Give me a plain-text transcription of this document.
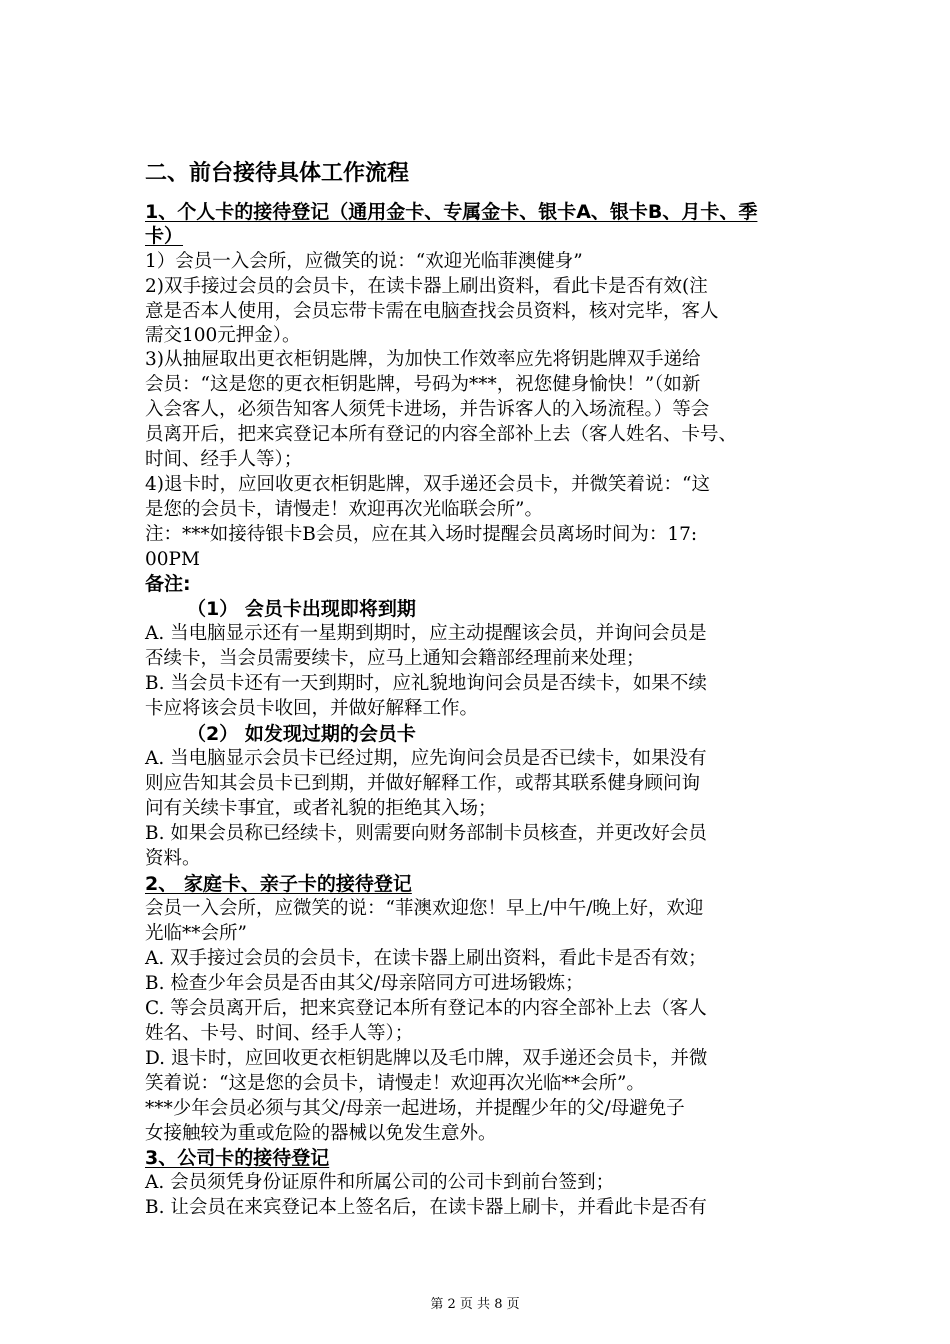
二、前台接待具体工作流程
1、个人卡的接待登记（通用金卡、专属金卡、银卡A、银卡B、月卡、季
卡）
1）会员一入会所，应微笑的说：“欢迎光临菲澳健身”
2)双手接过会员的会员卡，在读卡器上刷出资料，看此卡是否有效(注
意是否本人使用，会员忘带卡需在电脑查找会员资料，核对完毕，客人
需交100元押金）。
3)从抽屉取出更衣柜钥匙牌，为加快工作效率应先将钥匙牌双手递给
会员：“这是您的更衣柜钥匙牌，号码为***，祝您健身愉快！”（如新
入会客人，必须告知客人须凭卡进场，并告诉客人的入场流程。）等会
员离开后，把来宾登记本所有登记的内容全部补上去（客人姓名、卡号、
时间、经手人等）；
4)退卡时，应回收更衣柜钥匙牌，双手递还会员卡，并微笑着说：“这
是您的会员卡，请慢走！欢迎再次光临联会所”。
注：***如接待银卡B会员，应在其入场时提醒会员离场时间为：17:
00PM
备注:
（1） 会员卡出现即将到期
A. 当电脑显示还有一星期到期时，应主动提醒该会员，并询问会员是
否续卡，当会员需要续卡，应马上通知会籍部经理前来处理；
B. 当会员卡还有一天到期时，应礼貌地询问会员是否续卡，如果不续
卡应将该会员卡收回，并做好解释工作。
（2） 如发现过期的会员卡
A. 当电脑显示会员卡已经过期，应先询问会员是否已续卡，如果没有
则应告知其会员卡已到期，并做好解释工作，或帮其联系健身顾问询
问有关续卡事宜，或者礼貌的拒绝其入场；
B. 如果会员称已经续卡，则需要向财务部制卡员核查，并更改好会员
资料。
2、 家庭卡、亲子卡的接待登记
会员一入会所，应微笑的说：“菲澳欢迎您！早上/中午/晚上好，欢迎
光临**会所”
A. 双手接过会员的会员卡，在读卡器上刷出资料，看此卡是否有效；
B. 检查少年会员是否由其父/母亲陪同方可进场锻炼；
C. 等会员离开后，把来宾登记本所有登记本的内容全部补上去（客人
姓名、卡号、时间、经手人等）；
D. 退卡时，应回收更衣柜钥匙牌以及毛巾牌，双手递还会员卡，并微
笑着说：“这是您的会员卡，请慢走！欢迎再次光临**会所”。
***少年会员必须与其父/母亲一起进场，并提醒少年的父/母避免子
女接触较为重或危险的器械以免发生意外。
3、公司卡的接待登记
A. 会员须凭身份证原件和所属公司的公司卡到前台签到；
B. 让会员在来宾登记本上签名后，在读卡器上刷卡，并看此卡是否有
第 2 页 共 8 页
